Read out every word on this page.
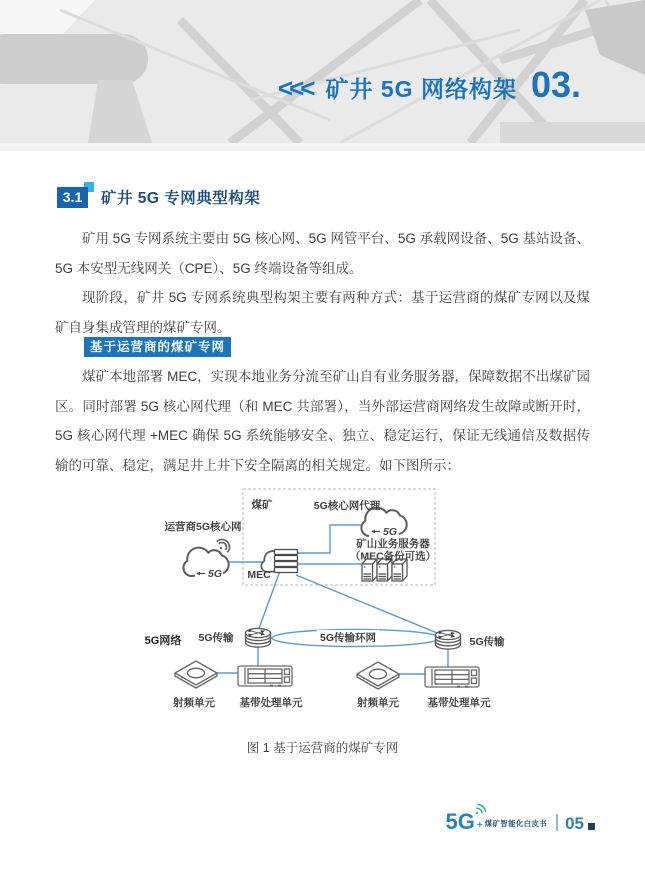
<<< 矿井 5G 网络构架 03.
3.1	矿井 5G 专网典型构架

矿用 5G 专网系统主要由 5G 核心网、5G 网管平台、5G 承载网设备、5G 基站设备、5G 本安型无线网关（CPE）、5G 终端设备等组成。

现阶段，矿井 5G 专网系统典型构架主要有两种方式：基于运营商的煤矿专网以及煤矿自身集成管理的煤矿专网。

基于运营商的煤矿专网

煤矿本地部署 MEC，实现本地业务分流至矿山自有业务服务器，保障数据不出煤矿园区。同时部署 5G 核心网代理（和 MEC 共部署），当外部运营商网络发生故障或断开时，5G 核心网代理 +MEC 确保 5G 系统能够安全、独立、稳定运行，保证无线通信及数据传输的可靠、稳定，满足井上井下安全隔离的相关规定。如下图所示：

5G
5G
煤矿	5G核心网代理
运营商5G核心网
MEC
矿山业务服务器
（MEC备份可选）
5G网络 5G传输	5G传输环网	5G传输
射频单元 基带处理单元	射频单元	基带处理单元
图 1 基于运营商的煤矿专网
5G + 煤矿智能化白皮书 05
